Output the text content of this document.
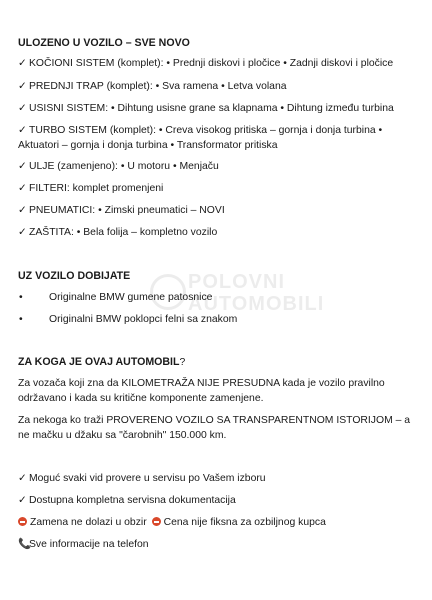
POLOVNI
AUTOMOBILI
ULOZENO U VOZILO – SVE NOVO
✓ KOČIONI SISTEM (komplet): • Prednji diskovi i pločice • Zadnji diskovi i pločice
✓ PREDNJI TRAP (komplet): • Sva ramena • Letva volana
✓ USISNI SISTEM: • Dihtung usisne grane sa klapnama • Dihtung između turbina
✓ TURBO SISTEM (komplet): • Creva visokog pritiska – gornja i donja turbina • Aktuatori – gornja i donja turbina • Transformator pritiska
✓ ULJE (zamenjeno): • U motoru • Menjaču
✓ FILTERI: komplet promenjeni
✓ PNEUMATICI: • Zimski pneumatici – NOVI
✓ ZAŠTITA: • Bela folija – kompletno vozilo
UZ VOZILO DOBIJATE
•	Originalne BMW gumene patosnice
•	Originalni BMW poklopci felni sa znakom
ZA KOGA JE OVAJ AUTOMOBIL?
Za vozača koji zna da KILOMETRAŽA NIJE PRESUDNA kada je vozilo pravilno održavano i kada su kritične komponente zamenjene.
Za nekoga ko traži PROVERENO VOZILO SA TRANSPARENTNOM ISTORIJOM – a ne mačku u džaku sa "čarobnih" 150.000 km.
✓ Moguć svaki vid provere u servisu po Vašem izboru
✓ Dostupna kompletna servisna dokumentacija
Zamena ne dolazi u obzir Cena nije fiksna za ozbiljnog kupca
📞Sve informacije na telefon
